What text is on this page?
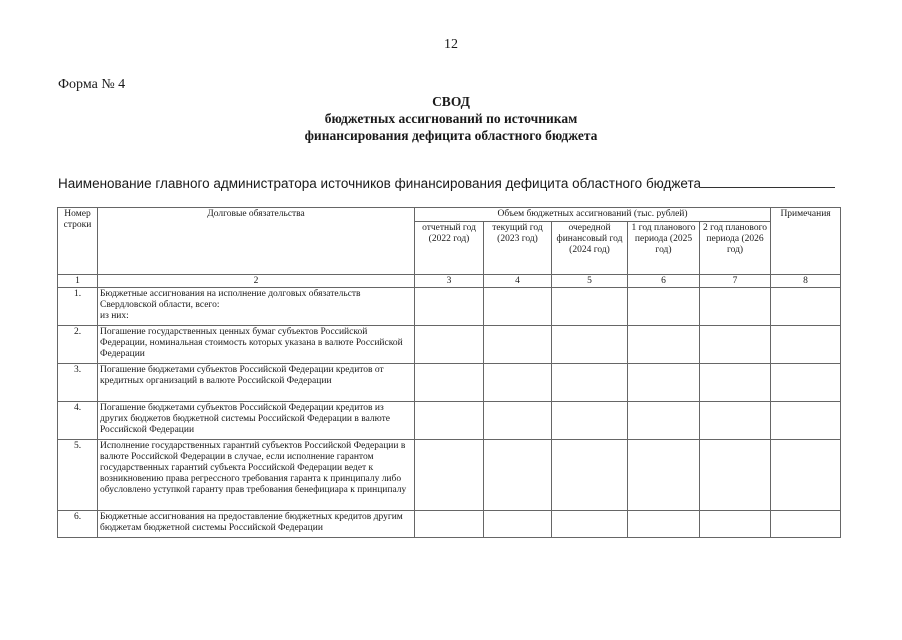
12
Форма № 4
СВОД
бюджетных ассигнований по источникам
финансирования дефицита областного бюджета
Наименование главного администратора источников финансирования дефицита областного бюджета
Номер строки	Долговые обязательства	Объем бюджетных ассигнований (тыс. рублей)					Примечания
		отчетный год (2022 год)	текущий год (2023 год)	очередной финансовый год (2024 год)	1 год планового периода (2025 год)	2 год планового периода (2026 год)	
1	2	3	4	5	6	7	8
1.	Бюджетные ассигнования на исполнение долговых обязательств Свердловской области, всего:
из них:						
2.	Погашение государственных ценных бумаг субъектов Российской Федерации, номинальная стоимость которых указана в валюте Российской Федерации						
3.	Погашение бюджетами субъектов Российской Федерации кредитов от кредитных организаций в валюте Российской Федерации						
4.	Погашение бюджетами субъектов Российской Федерации кредитов из других бюджетов бюджетной системы Российской Федерации в валюте Российской Федерации						
5.	Исполнение государственных гарантий субъектов Российской Федерации в валюте Российской Федерации в случае, если исполнение гарантом государственных гарантий субъекта Российской Федерации ведет к возникновению права регрессного требования гаранта к принципалу либо обусловлено уступкой гаранту прав требования бенефициара к принципалу						
6.	Бюджетные ассигнования на предоставление бюджетных кредитов другим бюджетам бюджетной системы Российской Федерации						
